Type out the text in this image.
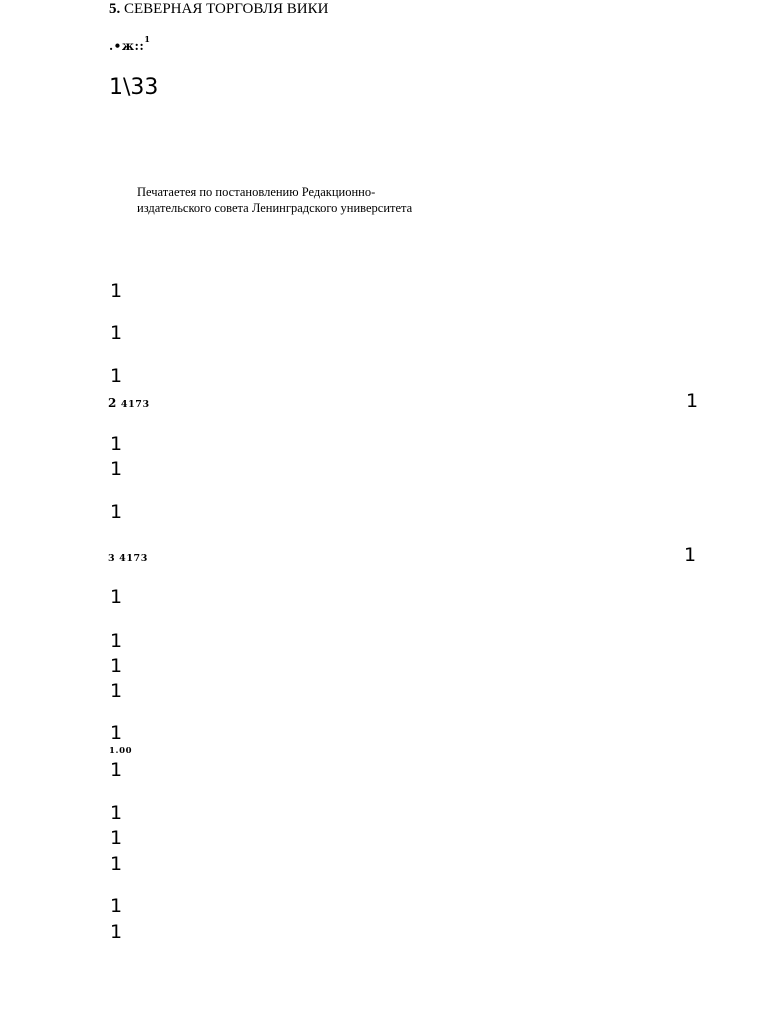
5. СЕВЕРНАЯ ТОРГОВЛЯ ВИКИ
.•ж::$^1$
1\33
Печатаетея по постановлению Редакционно-
издательского совета Ленинградского университета
1
1
1
2 4173	1
1
1
1
3 4173	1
1
1
1
1
1
1.00
1
1
1
1
1
1
